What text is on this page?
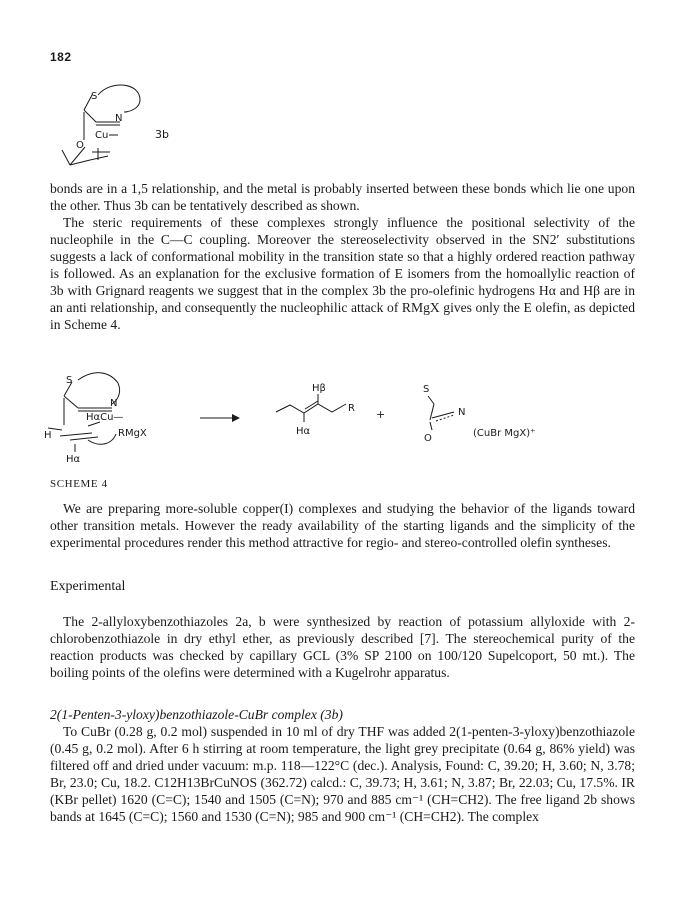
182
S
N
Cu
O
3b

bonds are in a 1,5 relationship, and the metal is probably inserted between these bonds which lie one upon the other. Thus 3b can be tentatively described as shown.

The steric requirements of these complexes strongly influence the positional selectivity of the nucleophile in the C—C coupling. Moreover the stereoselectivity observed in the SN2′ substitutions suggests a lack of conformational mobility in the transition state so that a highly ordered reaction pathway is followed. As an explanation for the exclusive formation of E isomers from the homoallylic reaction of 3b with Grignard reagents we suggest that in the complex 3b the pro-olefinic hydrogens Hα and Hβ are in an anti relationship, and consequently the nucleophilic attack of RMgX gives only the E olefin, as depicted in Scheme 4.

S
N
HαCu—
RMgX
Hα
H
Hβ
R
Hα
+
S
N
O	(CuBr MgX)⁺
SCHEME 4

We are preparing more-soluble copper(I) complexes and studying the behavior of the ligands toward other transition metals. However the ready availability of the starting ligands and the simplicity of the experimental procedures render this method attractive for regio- and stereo-controlled olefin syntheses.

Experimental

The 2-allyloxybenzothiazoles 2a, b were synthesized by reaction of potassium allyloxide with 2-chlorobenzothiazole in dry ethyl ether, as previously described [7]. The stereochemical purity of the reaction products was checked by capillary GCL (3% SP 2100 on 100/120 Supelcoport, 50 mt.). The boiling points of the olefins were determined with a Kugelrohr apparatus.

2(1-Penten-3-yloxy)benzothiazole-CuBr complex (3b)

To CuBr (0.28 g, 0.2 mol) suspended in 10 ml of dry THF was added 2(1-penten-3-yloxy)benzothiazole (0.45 g, 0.2 mol). After 6 h stirring at room temperature, the light grey precipitate (0.64 g, 86% yield) was filtered off and dried under vacuum: m.p. 118—122°C (dec.). Analysis, Found: C, 39.20; H, 3.60; N, 3.78; Br, 23.0; Cu, 18.2. C12H13BrCuNOS (362.72) calcd.: C, 39.73; H, 3.61; N, 3.87; Br, 22.03; Cu, 17.5%. IR (KBr pellet) 1620 (C=C); 1540 and 1505 (C=N); 970 and 885 cm⁻¹ (CH=CH2). The free ligand 2b shows bands at 1645 (C=C); 1560 and 1530 (C=N); 985 and 900 cm⁻¹ (CH=CH2). The complex
